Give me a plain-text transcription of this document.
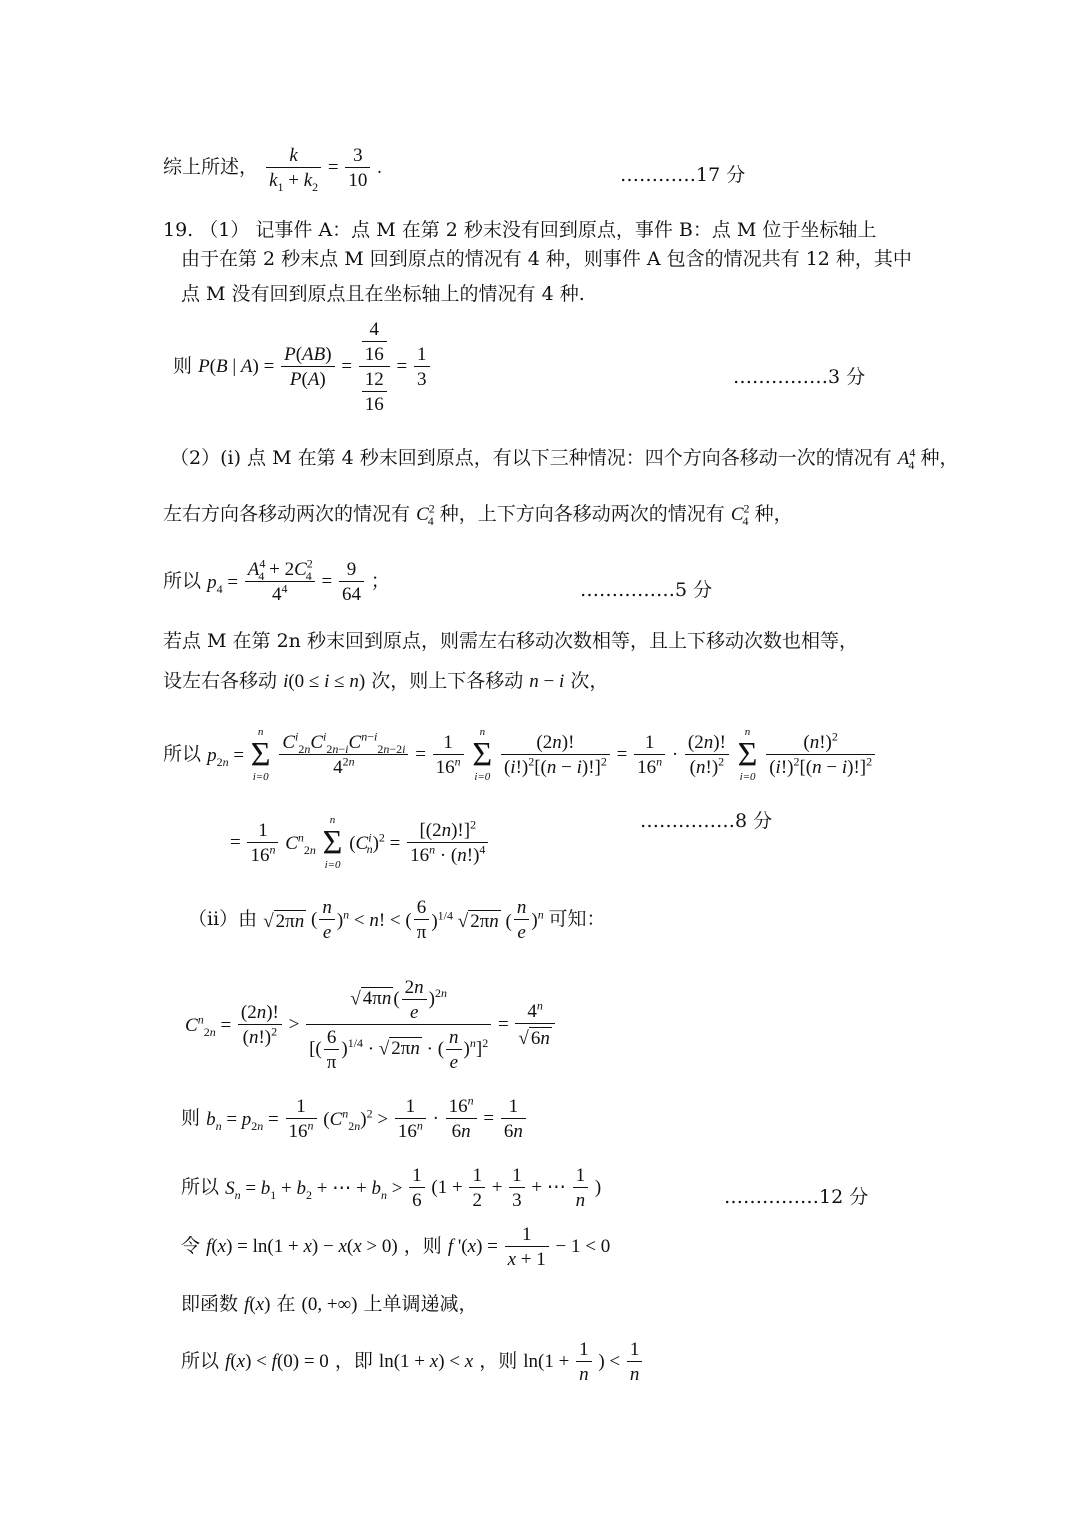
综上所述， $\frac{k}{k_1 + k_2} = \frac{3}{10}$ .	…………17 分
19. （1） 记事件 A：点 M 在第 2 秒末没有回到原点，事件 B：点 M 位于坐标轴上
由于在第 2 秒末点 M 回到原点的情况有 4 种，则事件 A 包含的情况共有 12 种，其中
点 M 没有回到原点且在坐标轴上的情况有 4 种.
则 P(B | $A) = \frac{P(AB)}{P(A)} = \frac{\frac{4}{16}}{\frac{12}{16}} = \frac{1}{3}$	……………3 分
（2）(ⅰ) 点 M 在第 4 秒末回到原点，有以下三种情况：四个方向各移动一次的情况有 $A^4_4$ 种，
左右方向各移动两次的情况有 $C^2_4$ 种，上下方向各移动两次的情况有 $C^2_4$ 种，
所以 $p_4 = \frac{A^4_4 + 2C^2_4}{4^4} = \frac{9}{64}$ ；	……………5 分
若点 M 在第 2n 秒末回到原点，则需左右移动次数相等，且上下移动次数也相等，
设左右各移动 i(0 ≤ i ≤ n) 次，则上下各移动 n − i 次，
所以 $p_{2n}$ =
n
Σ
i=0
$\frac{C^i_{2n}C^i_{2n-i}C^{n-i}_{2n-2i}}{4^{2n}} = \frac{1}{16^n}$

n
Σ
i=0
$\frac{(2n)!}{(i!)^2[(n - i)!]^2} = \frac{1}{16^n} \cdot \frac{(2n)!}{(n!)^2}$

n
Σ
i=0
$\frac{(n!)^2}{(i!)^2[(n - i)!]^2}$
= $\frac{1}{16^n} C^n_{2n}$
n
Σ
i=0
$(C^i_n)^2 = \frac{[(2n)!]^2}{16^n \cdot (n!)^4}$	……………8 分
（ⅱ）由 √ 2πn ( $\frac{n}{e} )^n < n$! < ( $\frac{6}{\pi} )^{1/4}$ √ 2πn ( $\frac{n}{e} )^n$ 可知：
$C^n_{2n} = \frac{(2n)!}{(n!)^2} > \frac{√ 4\pi n ( \frac{2n}{e} )^{2n}}{[( \frac{6}{\pi} )^{1/4} \cdot √ 2\pi n \cdot ( \frac{n}{e} )^n]^2} = \frac{4^n}{√ 6n}$
则 $b_n = p_{2n} = \frac{1}{16^n} (C^n_{2n})^2 > \frac{1}{16^n} \cdot \frac{16^n}{6n} = \frac{1}{6n}$
所以 $S_n = b_1 + b_2$ + ⋯ + $b_n > \frac{1}{6} (1 + \frac{1}{2} + \frac{1}{3}$ + ⋯ $\frac{1}{n}$ )	……………12 分
令 f(x) = ln(1 + x) − x(x > 0) ，则 f '$(x) = \frac{1}{x + 1} - 1 < 0$
即函数 f(x) 在 (0, +∞) 上单调递减，
所以 f(x) < f(0) = 0 ，即 ln(1 + x) < x ，则 $\ln(1 + \frac{1}{n}$ ) < $\frac{1}{n}$
